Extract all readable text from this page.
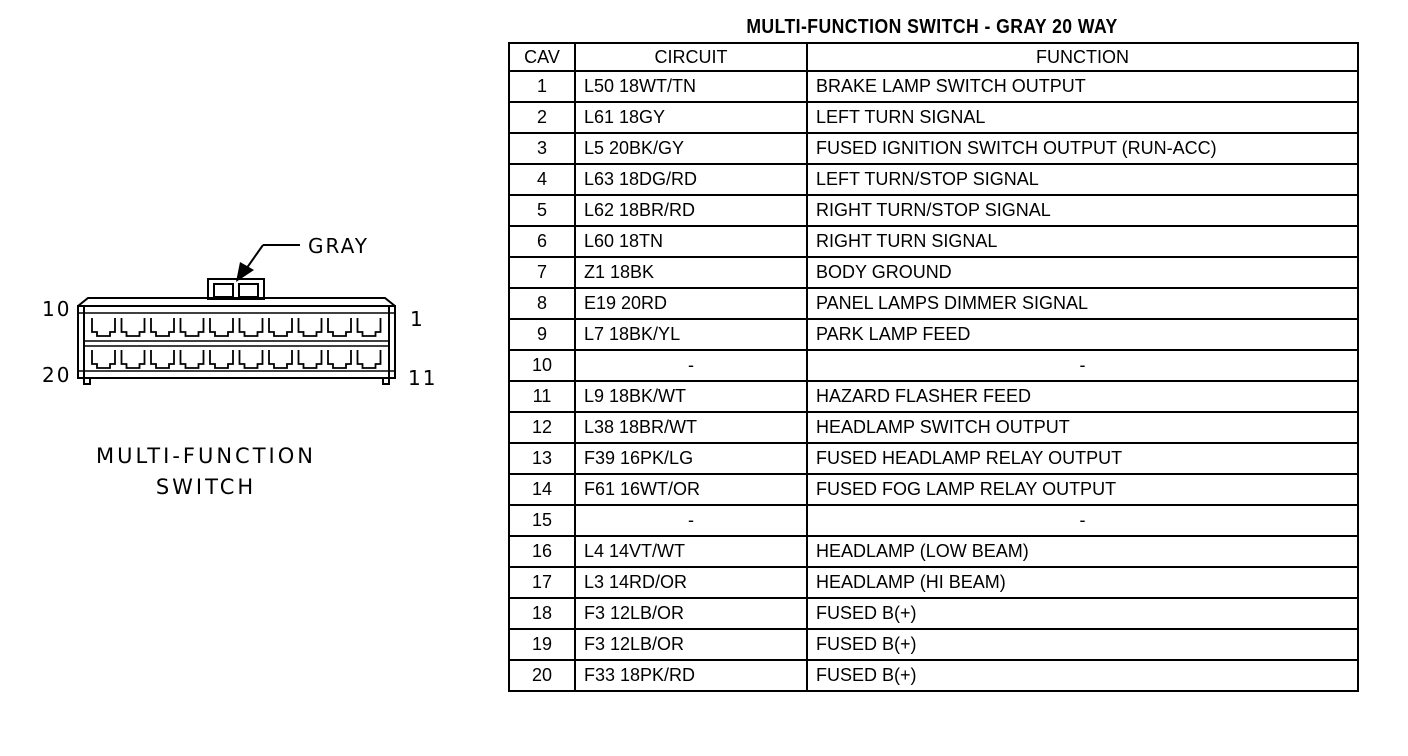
GRAY
10	1
20	11
MULTI-FUNCTION
SWITCH
MULTI-FUNCTION SWITCH - GRAY 20 WAY
CAV	CIRCUIT	FUNCTION
1	L50 18WT/TN	BRAKE LAMP SWITCH OUTPUT
2	L61 18GY	LEFT TURN SIGNAL
3	L5 20BK/GY	FUSED IGNITION SWITCH OUTPUT (RUN-ACC)
4	L63 18DG/RD	LEFT TURN/STOP SIGNAL
5	L62 18BR/RD	RIGHT TURN/STOP SIGNAL
6	L60 18TN	RIGHT TURN SIGNAL
7	Z1 18BK	BODY GROUND
8	E19 20RD	PANEL LAMPS DIMMER SIGNAL
9	L7 18BK/YL	PARK LAMP FEED
10	-	-
11	L9 18BK/WT	HAZARD FLASHER FEED
12	L38 18BR/WT	HEADLAMP SWITCH OUTPUT
13	F39 16PK/LG	FUSED HEADLAMP RELAY OUTPUT
14	F61 16WT/OR	FUSED FOG LAMP RELAY OUTPUT
15	-	-
16	L4 14VT/WT	HEADLAMP (LOW BEAM)
17	L3 14RD/OR	HEADLAMP (HI BEAM)
18	F3 12LB/OR	FUSED B(+)
19	F3 12LB/OR	FUSED B(+)
20	F33 18PK/RD	FUSED B(+)
